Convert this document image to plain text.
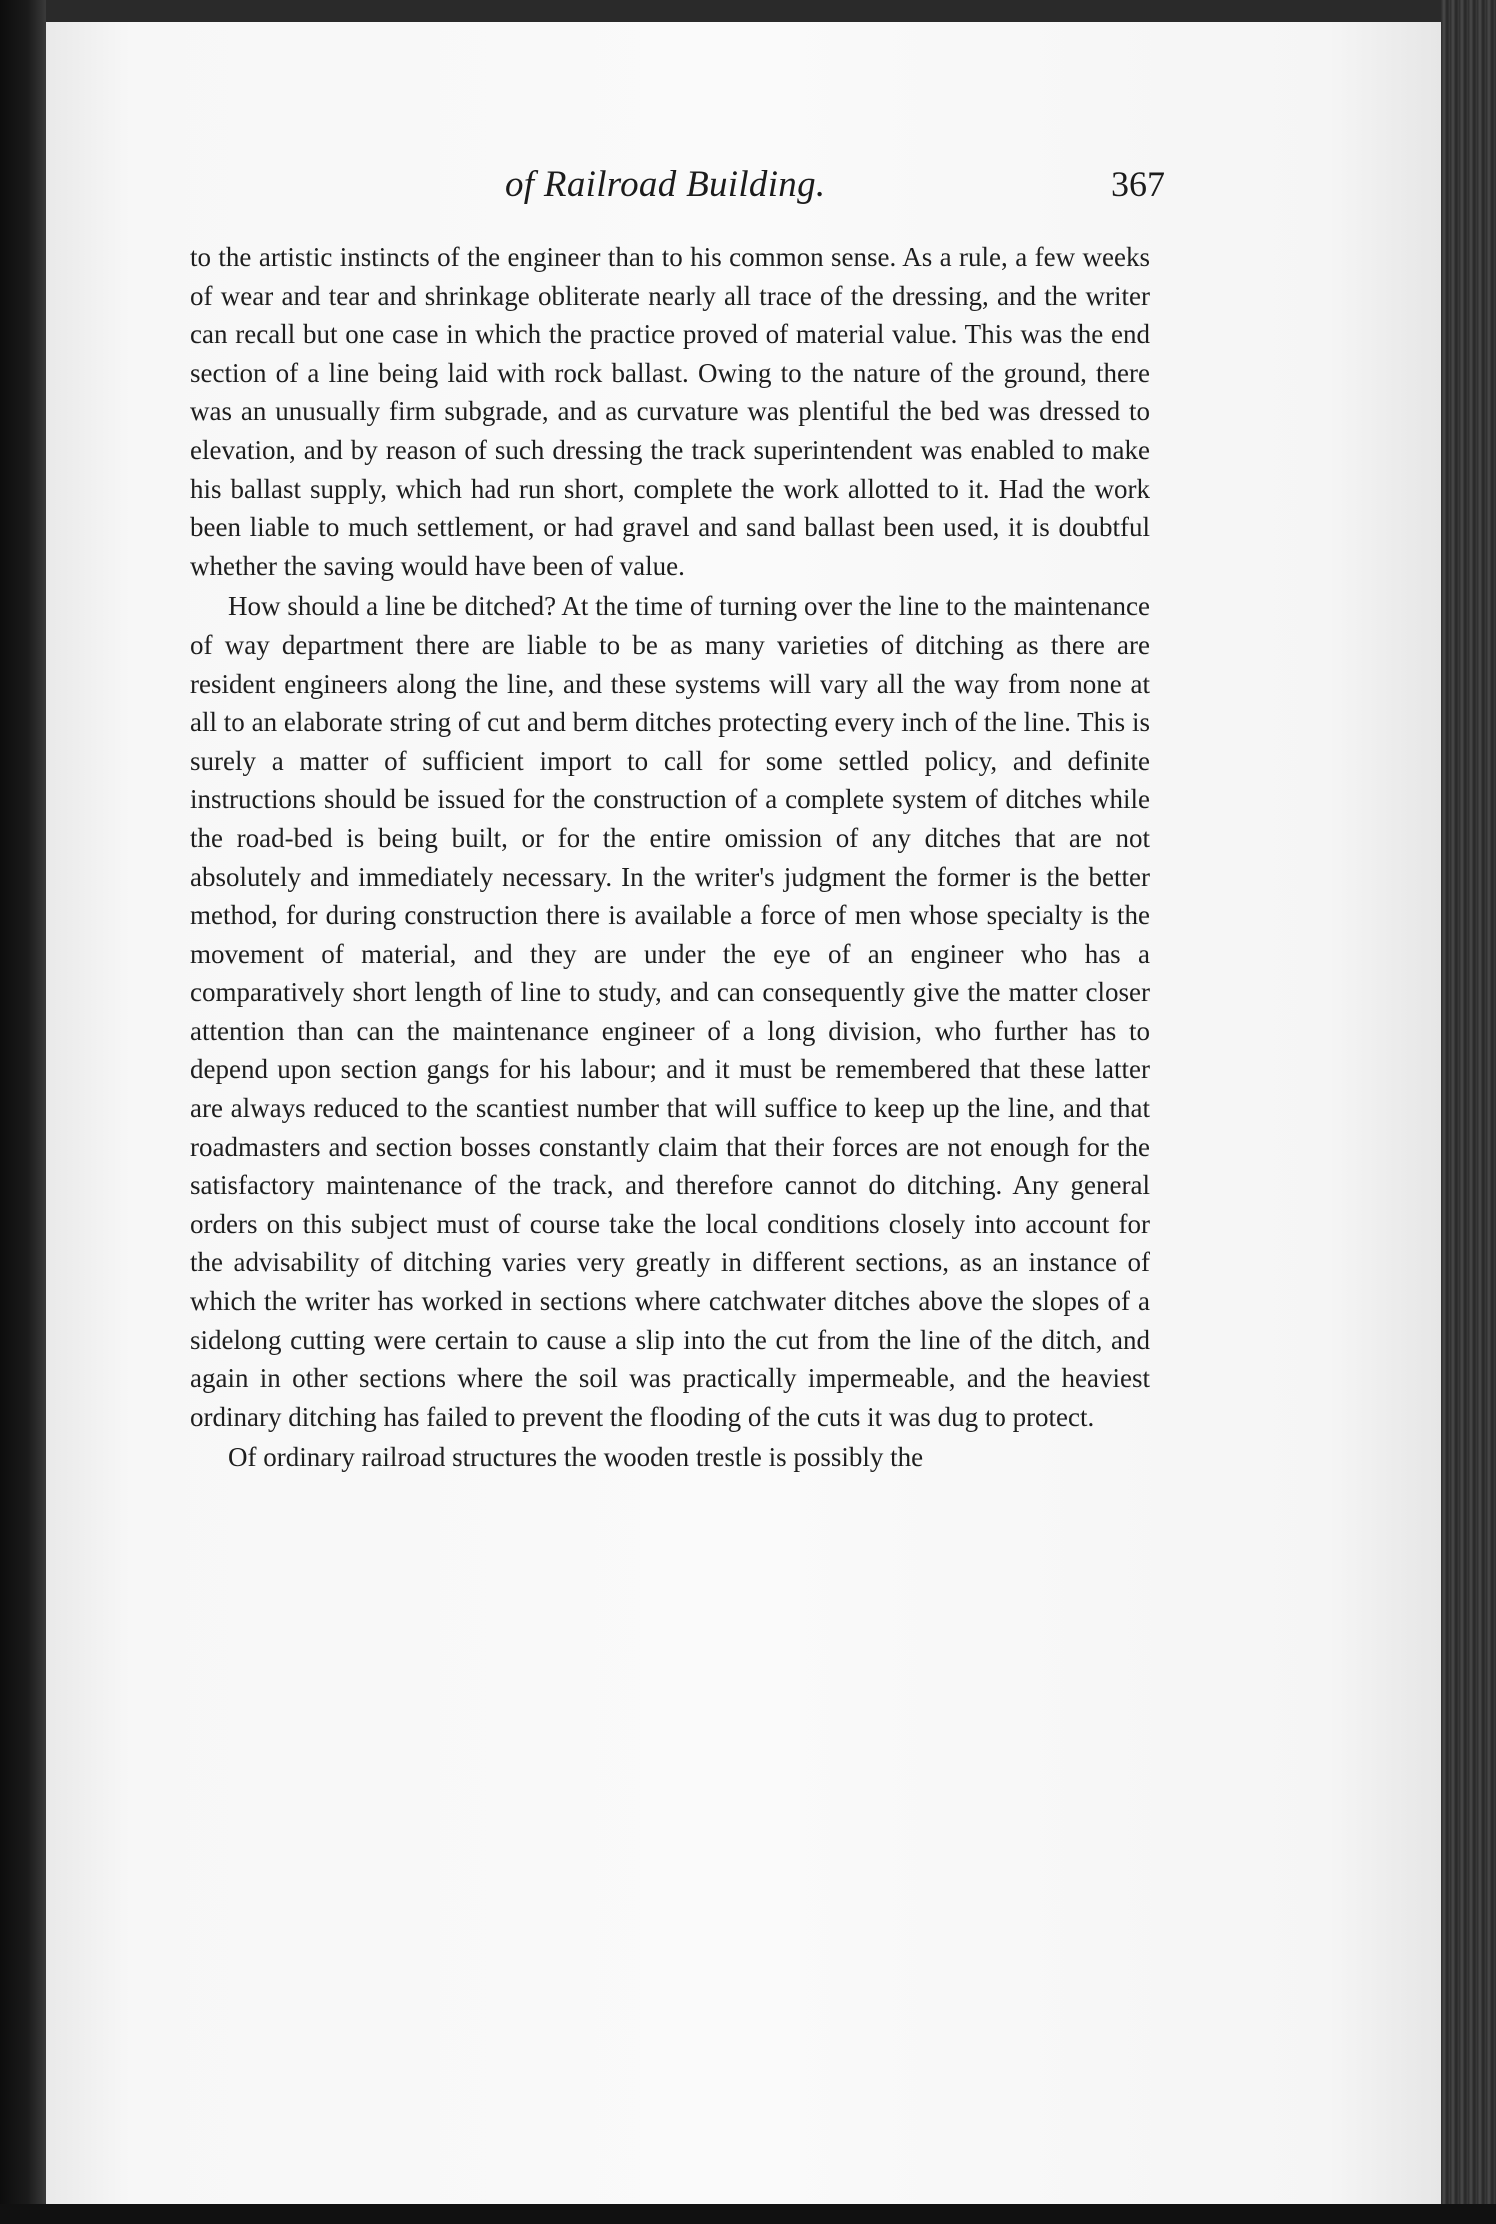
of Railroad Building.	367

to the artistic instincts of the engineer than to his common sense. As a rule, a few weeks of wear and tear and shrinkage obliterate nearly all trace of the dressing, and the writer can recall but one case in which the practice proved of material value. This was the end section of a line being laid with rock ballast. Owing to the nature of the ground, there was an unusually firm subgrade, and as curvature was plentiful the bed was dressed to elevation, and by reason of such dressing the track superintendent was enabled to make his ballast supply, which had run short, complete the work allotted to it. Had the work been liable to much settlement, or had gravel and sand ballast been used, it is doubtful whether the saving would have been of value.

How should a line be ditched? At the time of turning over the line to the maintenance of way department there are liable to be as many varieties of ditching as there are resident engineers along the line, and these systems will vary all the way from none at all to an elaborate string of cut and berm ditches protecting every inch of the line. This is surely a matter of sufficient import to call for some settled policy, and definite instructions should be issued for the construction of a complete system of ditches while the road-bed is being built, or for the entire omission of any ditches that are not absolutely and immediately necessary. In the writer's judgment the former is the better method, for during construction there is available a force of men whose specialty is the movement of material, and they are under the eye of an engineer who has a comparatively short length of line to study, and can consequently give the matter closer attention than can the maintenance engineer of a long division, who further has to depend upon section gangs for his labour; and it must be remembered that these latter are always reduced to the scantiest number that will suffice to keep up the line, and that roadmasters and section bosses constantly claim that their forces are not enough for the satisfactory maintenance of the track, and therefore cannot do ditching. Any general orders on this subject must of course take the local conditions closely into account for the advisability of ditching varies very greatly in different sections, as an instance of which the writer has worked in sections where catchwater ditches above the slopes of a sidelong cutting were certain to cause a slip into the cut from the line of the ditch, and again in other sections where the soil was practically impermeable, and the heaviest ordinary ditching has failed to prevent the flooding of the cuts it was dug to protect.

Of ordinary railroad structures the wooden trestle is possibly the
